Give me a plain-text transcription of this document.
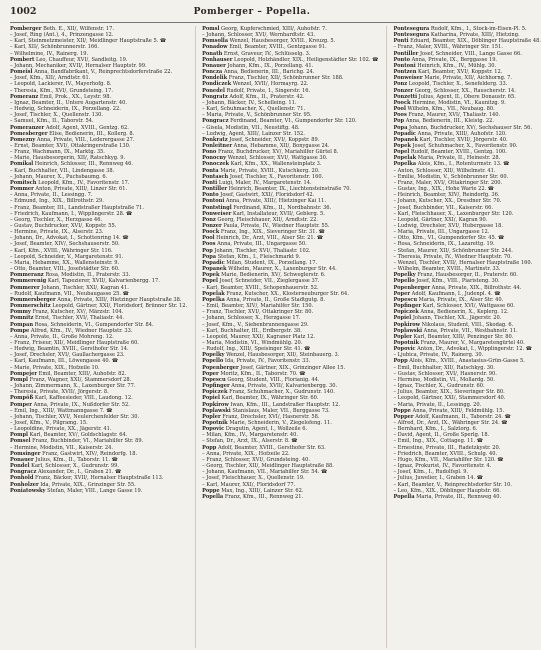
1002	Pomberger – Popella.
Pomberger Beth. E., XII/, Wilfenstr. 17.
– Josef, Ring (Ant.), 4., Prinzengasse 12.
– Karl, Steinmetzmeister, XII/, Meidlinger Hauptstraße 5. ☎
– Karl, XII/, Schönbrunnerstr. 166.
– Wilhelmine, IV., Rainerg. 19.
Pombert Leo, Chauffeur, XVI/, Sandleitg. 19.
– Johann, Mechaniker, XVII/, Hernalser Hauptstr. 99.
Pomeisl Anna, Bandfabrikant, V., Reinprechtsdorferstraße 22.
– Josef, Kfm., XII/, Arndtstr. 61.
– Leopold, Lackierer, IV., Mayerhofg. 8.
– Theresia, Kfm., XVI/, Grundsteing. 17.
Pomeranz Emil, Prok., XX., Leystr. 98.
– Ignaz, Beamter, II., Untere Augartenstr. 40.
– Hedwig, Schneiderin, IX., Porzellang. 22.
– Josef, Tischler, X., Quellenstr. 130.
– Samuel, Kfm., II., Taborstr. 54.
Pomeranzer Adolf, Agent, XVIII., Gentzg. 62.
Pomesberger Elise, Bedienerin, III., Kollerg. 8.
Pomezny Anna, Private, VIII., Lederergasse 27.
– Ernst, Beamter, XVI/, Ottakringerstraße 130.
– Franz, Wachmann, IX., Marktg. 35.
– Marie, Hausbesorgerin, XII/, Ratschkyg. 9.
Pomikal Heinrich, Schlosser, III., Rennweg 46.
– Karl, Buchhalter, VII., Lindengasse 38.
– Johann, Maurer, X., Puchsbaumg. 6.
Pomitsch Leopold, Kfm., IV., Favoritenstr. 17.
Pommer Anton, Private, XIII/, Linzer Str. 61.
– Anna, Private, II., Lessingg. 7.
– Edmund, Ing., XIX., Billrothstr. 29.
– Franz, Beamter, III., Landstraßer Hauptstraße 71.
– Friedrich, Kaufmann, I., Wipplingerstr. 28. ☎
– Georg, Tischler, X., Herzgasse 46.
– Gustav, Buchdrucker, XVI/, Koppstr. 55.
– Hermine, Private, IX., Alserstr. 23.
– Johann, Dr., Advokat, I., Schottenring 14. ☎
– Josef, Beamter, XIV/, Sechshauserstr. 50.
– Karl, Kfm., XVIII., Währinger Str. 116.
– Leopold, Schneider, V., Margaretenstr. 91.
– Maria, Hebamme, XX., Wallensteinstr. 9.
– Otto, Beamter, VIII., Josefstädter Str. 60.
Pommeranz Rosa, Modistin, II., Praterstr. 33.
Pommerenig Karl, Tapezierer, XVII/, Kalvarienbergg. 17.
Pommerer Johann, Tischler, XXI/, Kagran 41.
– Rudolf, Kaufmann, VII., Neubaugasse 25. ☎
Pommersberger Anna, Private, XIII/, Hietzinger Hauptstraße 38.
Pommerschitz Leopold, Gärtner, XXI/, Floridsdorf, Brünner Str. 12.
Pommy Franz, Kutscher, XV/, Märzstr. 104.
Pomnitz Ernst, Tischler, XVI/, Thaliastr. 44.
Pompan Rosa, Schneiderin, VI., Gumpendorfer Str. 84.
Pompe Alfred, Kfm., IV., Wiedner Hauptstr. 33.
– Anna, Private, II., Große Mohreng. 12.
– Franz, Friseur, XII/, Meidlinger Hauptstraße 60.
– Hedwig, Beamtin, XVIII., Gersthofer Str. 14.
– Josef, Drechsler, XVI/, Gaullachergasse 23.
– Karl, Kaufmann, III., Löwengasse 40. ☎
– Marie, Private, XIX., Hofzeile 10.
Pompejer Emil, Beamter, XIII/, Auhofstr. 82.
Pompl Franz, Wagner, XXI/, Stammersdorf 28.
– Johann, Zimmermann, X., Laxenburger Str. 77.
– Theresia, Private, XVII/, Jörgerstr. 8.
Pompöß Karl, Kaffeesieder, VIII., Laudong. 12.
Pomper Anna, Private, IX., Nußdorfer Str. 52.
– Emil, Ing., XIII/, Wattmanngasse 7. ☎
– Johann, Tischler, XVI/, Neulerchenfelder Str. 30.
– Josef, Kfm., V., Pilgramg. 15.
– Leopoldine, Private, XX., Jägerstr. 41.
Pompl Karl, Beamter, XV/, Goldschlagstr. 64.
Pomsel Franz, Buchbinder, VI., Mariahilfer Str. 89.
– Hermine, Modistin, VII., Kaiserstr. 24.
Pomsinger Franz, Gastwirt, XIV/, Reindorfg. 18.
Ponauer Julius, Kfm., II., Taborstr. 11. ☎
Pondel Karl, Schlosser, X., Gudrunstr. 99.
Pongracz Alexander, Dr., I., Graben 21. ☎
Ponhold Franz, Bäcker, XVII/, Hernalser Hauptstraße 113.
Ponholzer Ida, Private, XIX., Grinzinger Str. 55.
Poniatowsky Stefan, Maler, VIII., Lange Gasse 19.
Pomsl Georg, Kupferschmied, XIII/, Auhofstr. 7.
– Johann, Schlosser, XVI/, Wernhardtstr. 43.
Pomsolla Wenzel, Hausbesorger, XVIII., Kreuzg. 5.
Ponadow Emil, Beamter, XVIII., Gentzgasse 91.
Ponath Ernst, Graveur, IV., Schlüsselg. 3.
Ponhauser Leopold, Holzhändler, XIX., Heiligenstädter Str. 102. ☎
Ponauer Johann, Kfm., IX., Porzellang. 41.
Poncza Anna, Bedienerin, III., Barichg. 24.
Pondelik Franz, Tischler, XII/, Schönbrunner Str. 188.
Pondiczek Wenzel, XVII/, Hormayrg. 22.
Ponedel Rudolf, Private, I., Singerstr. 16.
Pongratz Adolf, Kfm., II., Praterstr. 42.
– Johann, Bäcker, IV., Schelleing. 11.
– Karl, Schuhmacher, X., Quellenstr. 71.
– Maria, Private, V., Schönbrunner Str. 95.
Pongracz Ferdinand, Beamter, VI., Gumpendorfer Str. 120.
– Gisela, Modistin, VII., Neustiftg. 48.
– Ludwig, Agent, XIII/, Lainzer Str. 152.
Ponkratz Josef, Schneider, XVI/, Koppstr. 89.
Ponleitner Anna, Hebamme, XII/, Bonygasse 24.
Pono Franz, Buchdrucker, XV/, Mariahilfer Gürtel 8.
Ponocny Wenzel, Schlosser, XVI/, Wattgasse 30.
Ponoczek Karl, Kfm., XX., Wallensteinplatz 3.
Ponta Marie, Private, XVIII., Kutschkerg. 20.
Pontasch Josef, Tischler, X., Favoritenstr. 160.
Ponti Luigi, Maler, IV., Margaretenstr. 14.
Pontiller Heinrich, Beamter, IX., Liechtensteinstraße 70.
Ponto Josef, Gastwirt, XXI/, Floridsdorf 42.
Pontoni Anna, Private, XIII/, Hietzinger Kai 11.
Pontstingl Ferdinand, Kfm., II., Nordbahnstr. 36.
Ponweiser Karl, Installateur, XVII/, Geblerg. 5.
Ponz Georg, Fleischhauer, XII/, Arndtstr. 22.
Ponzer Paula, Private, IV., Wiedner Hauptstr. 55.
Poock Franz, Ing., XIX., Sieveringer Str. 31. ☎
Pool Heinrich, Dr., Arzt, VIII., Alser Str. 21. ☎
Poos Anna, Private, III., Ungargasse 50.
Pop Johann, Tischler, XVI/, Thaliastr. 102.
Popa Stefan, Kfm., I., Fleischmarkt 9.
Popadic Milan, Student, IX., Porzellang. 17.
Popanek Wilhelm, Maurer, X., Laxenburger Str. 44.
Popek Marie, Bedienerin, XV/, Schweglerstr. 6.
Popel Josef, Schneider, VII., Zieglergasse 37.
– Karl, Beamter, XVIII., Schopenhauerstr. 52.
Popelak Franz, Kutscher, XX., Klosterneuburger Str. 64.
Popelka Anna, Private, II., Große Stadtgutg. 8.
– Emil, Beamter, XIV/, Mariahilfer Str. 150.
– Franz, Tischler, XVI/, Ottakringer Str. 80.
– Johann, Schlosser, X., Herzgasse 17.
– Josef, Kfm., V., Siebenbrunnengasse 29.
– Karl, Buchhalter, III., Erdbergstr. 38.
– Leopold, Maurer, XXI/, Kagraner Platz 12.
– Maria, Modistin, VI., Windmühlg. 20.
– Rudolf, Ing., XIII/, Speisinger Str. 41. ☎
Popelky Wenzel, Hausbesorger, XII/, Steinbauerg. 3.
Popello Ida, Private, IV., Favoritenstr. 33.
Popenberger Josef, Gärtner, XIX., Grinzinger Allee 15.
Poper Moritz, Kfm., II., Taborstr. 70. ☎
Popescu Georg, Student, VIII., Florianig. 44.
Popfinger Anna, Private, XVII/, Kalvarienbergg. 30.
Popiczek Franz, Schuhmacher, X., Gudrunstr. 140.
Popiel Karl, Beamter, IX., Währinger Str. 60.
Popkirow Iwan, Kfm., III., Landstraßer Hauptstr. 12.
Poplawski Stanislaus, Maler, VII., Burggasse 73.
Popler Franz, Drechsler, XVI/, Hasnerstr. 58.
Popotnik Marie, Schneiderin, V., Ziegelofeng. 11.
Popovic Dragutin, Agent, I., Wollzeile 6.
– Milan, Kfm., IV., Margaretenstr. 40.
– Stefan, Dr., Arzt, IX., Alserstr. 8. ☎
Popp Adolf, Beamter, XVIII., Gersthofer Str. 63.
– Anna, Private, XIX., Hofzeile 22.
– Franz, Schlosser, XVI/, Grundsteing. 40.
– Georg, Tischler, XII/, Meidlinger Hauptstraße 88.
– Johann, Kaufmann, VII., Mariahilfer Str. 54. ☎
– Josef, Fleischhauer, X., Quellenstr. 19.
– Karl, Maurer, XXI/, Floridsdorf 77.
Poppe Max, Ing., XIII/, Lainzer Str. 62.
Popella Franz, Kfm., III., Rennweg 21.
Pontesegura Rudolf, Kfm., I., Stock-im-Eisen-Pl. 5.
Pontesegura Katharina, Private, XIII/, Hietzing.
Ponti Eduard, Beamter, XIX., Döblinger Hauptstraße 48.
– Franz, Maler, XVIII., Währinger Str. 151.
Pontiller Josef, Schneider, VIII., Lange Gasse 66.
Ponto Anna, Private, IX., Berggasse 19.
Pontoni Heinrich, Kfm., IV., Mühlg. 30.
Pontzen Karl, Beamter, XVI/, Koppstr. 12.
Ponweiser Marie, Private, XII/, Aichhorng. 7.
Ponz Leopold, Tischler, X., Senefelderg. 33.
Ponzer Georg, Schlosser, XX., Rauscherstr. 14.
Ponzetti Julius, Agent, II., Obere Donaustr. 65.
Poock Hermine, Modistin, VI., Kaunitzg. 9.
Pool Wilhelm, Kfm., VII., Neubaug. 80.
Poos Franz, Maurer, XVI/, Thaliastr. 140.
Pop Anna, Bedienerin, III., Kleistg. 22.
Popa Johann, Buchdrucker, XV/, Sechshauser Str. 56.
Popadic Anna, Private, XIII/, Auhofstr. 120.
Popanek Karl, Tischler, XVII/, Jörgerstr. 40.
Popek Josef, Schuhmacher, X., Favoritenstr. 90.
Popel Rudolf, Beamter, XVIII., Gentzg. 100.
Popelak Maria, Private, II., Heinestr. 28.
Popelka Alois, Kfm., I., Rotenturmstr. 13. ☎
– Anton, Schlosser, XII/, Wilhelmstr. 41.
– Emilie, Modistin, V., Schönbrunner Str. 60.
– Franz, Maler, XVI/, Ottakringer Str. 200.
– Gustav, Ing., XIX., Hohe Warte 22. ☎
– Heinrich, Beamter, XIV/, Reindorfg. 36.
– Johann, Kutscher, XX., Dresdner Str. 70.
– Josef, Buchbinder, VII., Kaiserstr. 66.
– Karl, Fleischhauer, X., Laxenburger Str. 120.
– Leopold, Gärtner, XXI/, Kagran 90.
– Ludwig, Drechsler, XVI/, Hubergasse 18.
– Maria, Private, III., Ungargasse 12.
– Otto, Kfm., VI., Gumpendorfer Str. 45. ☎
– Rosa, Schneiderin, IX., Lazarettg. 19.
– Stefan, Maurer, XII/, Schönbrunner Str. 244.
– Theresia, Private, IV., Wiedner Hauptstr. 70.
– Wenzel, Tischler, XVII/, Hernalser Hauptstraße 160.
– Wilhelm, Beamter, XVIII., Martinstr. 33.
Popelky Franz, Hausbesorger, II., Praterstr. 60.
Popello Josef, Kfm., VIII., Piaristeng. 30.
Popenberger Anna, Private, XIX., Billrothstr. 44.
Poper Adolf, Kaufmann, I., Judenpl. 4. ☎
Popescu Maria, Private, IX., Alser Str. 40.
Popfinger Karl, Schlosser, XVI/, Wattgasse 60.
Popiczek Anna, Bedienerin, X., Keplerg. 12.
Popiel Johann, Tischler, XX., Jägerstr. 20.
Popkirow Nikolaus, Student, VIII., Skodag. 6.
Poplawski Anna, Private, VII., Westbahnstr. 11.
Popler Karl, Beamter, XIII/, Penzinger Str. 80.
Popotnik Franz, Maurer, V., Margaretengürtel 40.
Popovic Anton, Dr., Advokat, I., Wipplingerstr. 12. ☎
– Ljubica, Private, IV., Rainerg. 30.
Popp Alois, Kfm., XVIII., Anastasius-Grün-Gasse 5.
– Emil, Buchhalter, XII/, Ratschkyg. 30.
– Gustav, Schlosser, XVI/, Hasnerstr. 90.
– Hermine, Modistin, VI., Mollardg. 50.
– Ignaz, Tischler, X., Gudrunstr. 60.
– Julius, Beamter, XIX., Sieveringer Str. 80.
– Leopold, Gärtner, XXI/, Stammersdorf 40.
– Maria, Private, II., Lessingg. 20.
Poppe Anna, Private, XIII/, Feldmühlg. 15.
Popper Adolf, Kaufmann, II., Taborstr. 24. ☎
– Alfred, Dr., Arzt, IX., Währinger Str. 24. ☎
– Bernhard, Kfm., I., Salztorg. 6.
– David, Agent, II., Große Sperlg. 18.
– Emil, Ing., XIX., Cottageg. 11. ☎
– Ernestine, Private, III., Radetzkystr. 20.
– Friedrich, Beamter, XVIII., Schulg. 40.
– Hugo, Kfm., VII., Mariahilfer Str. 120. ☎
– Ignaz, Prokurist, IV., Favoritenstr. 4.
– Josef, Kfm., I., Rudolfspl. 9.
– Julius, Juwelier, I., Graben 14. ☎
– Karl, Beamter, V., Reinprechtsdorfer Str. 10.
– Leo, Kfm., XIX., Döblinger Hauptstr. 66.
Popella Maria, Private, III., Rennweg 40.
